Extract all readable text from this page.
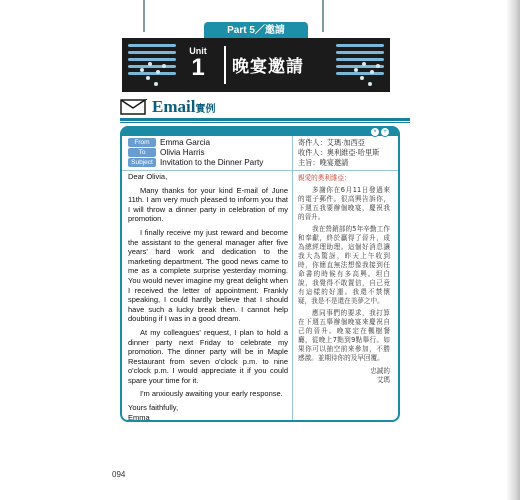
Part 5／邀請
Unit
1	晚宴邀請
Email實例
×	+
From Emma Garcia
To Olivia Harris
Subject Invitation to the Dinner Party
寄件人：艾瑪‧加西亞
收件人：奧利維亞‧哈里斯
主旨：晚宴邀請

Dear Olivia,

Many thanks for your kind E-mail of June 11th. I am very much pleased to inform you that I will throw a dinner party in celebration of my promotion.

I finally receive my just reward and become the assistant to the general manager after five years' hard work and dedication to the marketing department. The good news came to me as a complete surprise yesterday morning. You would never imagine my great delight when I received the letter of appointment. Frankly speaking, I could hardly believe that I should have such a lucky break then. I cannot help doubting if I was in a good dream.

At my colleagues' request, I plan to hold a dinner party next Friday to celebrate my promotion. The dinner party will be in Maple Restaurant from seven o'clock p.m. to nine o'clock p.m. I would appreciate it if you could spare your time for it.

I'm anxiously awaiting your early response.

Yours faithfully,
Emma

親愛的奧利維亞：

多謝你在6月11日發過來的電子郵件。很高興告訴你，下週五我要辦個晚宴，慶祝我的晉升。

我在營銷部的5年辛勤工作和奉獻，終於贏得了晉升，成為總經理助理。這個好消息讓我大為驚訝，昨天上午收到時，你簡直無法想像我接到任命書的時候有多高興。坦白說，我覺得不敢置信，自己竟有這樣的好運。我還不禁懷疑，我是不是還在美夢之中。

應同事們的要求，我打算在下週五舉辦個晚宴來慶祝自己的晉升。晚宴定在楓樹餐廳，從晚上7點到9點舉行。如果你可以抽空前來參加，不勝感激。並期待你的及早回覆。

忠誠的
艾瑪
094
